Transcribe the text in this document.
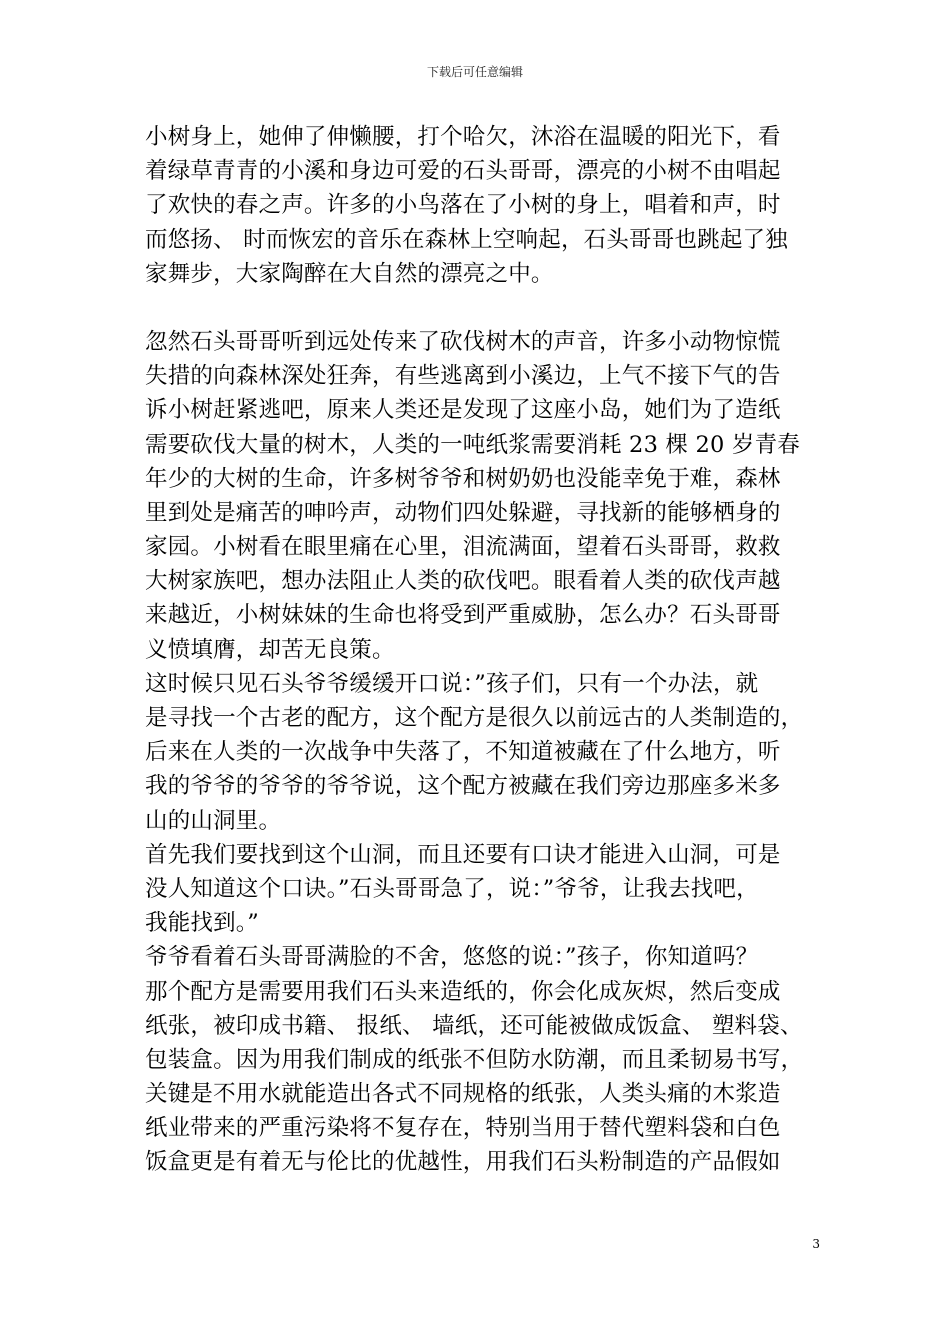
下载后可任意编辑
小树身上，她伸了伸懒腰，打个哈欠，沐浴在温暖的阳光下，看
着绿草青青的小溪和身边可爱的石头哥哥，漂亮的小树不由唱起
了欢快的春之声。许多的小鸟落在了小树的身上，唱着和声，时
而悠扬、 时而恢宏的音乐在森林上空响起，石头哥哥也跳起了独
家舞步，大家陶醉在大自然的漂亮之中。
忽然石头哥哥听到远处传来了砍伐树木的声音，许多小动物惊慌
失措的向森林深处狂奔，有些逃离到小溪边，上气不接下气的告
诉小树赶紧逃吧，原来人类还是发现了这座小岛，她们为了造纸
需要砍伐大量的树木，人类的一吨纸浆需要消耗 23 棵 20 岁青春
年少的大树的生命，许多树爷爷和树奶奶也没能幸免于难，森林
里到处是痛苦的呻吟声，动物们四处躲避，寻找新的能够栖身的
家园。小树看在眼里痛在心里，泪流满面，望着石头哥哥，救救
大树家族吧，想办法阻止人类的砍伐吧。眼看着人类的砍伐声越
来越近，小树妹妹的生命也将受到严重威胁，怎么办？石头哥哥
义愤填膺，却苦无良策。
这时候只见石头爷爷缓缓开口说：”孩子们，只有一个办法，就
是寻找一个古老的配方，这个配方是很久以前远古的人类制造的，
后来在人类的一次战争中失落了，不知道被藏在了什么地方，听
我的爷爷的爷爷的爷爷说，这个配方被藏在我们旁边那座多米多
山的山洞里。
首先我们要找到这个山洞，而且还要有口诀才能进入山洞，可是
没人知道这个口诀。”石头哥哥急了，说：”爷爷，让我去找吧，
我能找到。”
爷爷看着石头哥哥满脸的不舍，悠悠的说：”孩子，你知道吗？
那个配方是需要用我们石头来造纸的，你会化成灰烬，然后变成
纸张，被印成书籍、 报纸、 墙纸，还可能被做成饭盒、 塑料袋、
包装盒。因为用我们制成的纸张不但防水防潮，而且柔韧易书写，
关键是不用水就能造出各式不同规格的纸张，人类头痛的木浆造
纸业带来的严重污染将不复存在，特别当用于替代塑料袋和白色
饭盒更是有着无与伦比的优越性，用我们石头粉制造的产品假如
3
